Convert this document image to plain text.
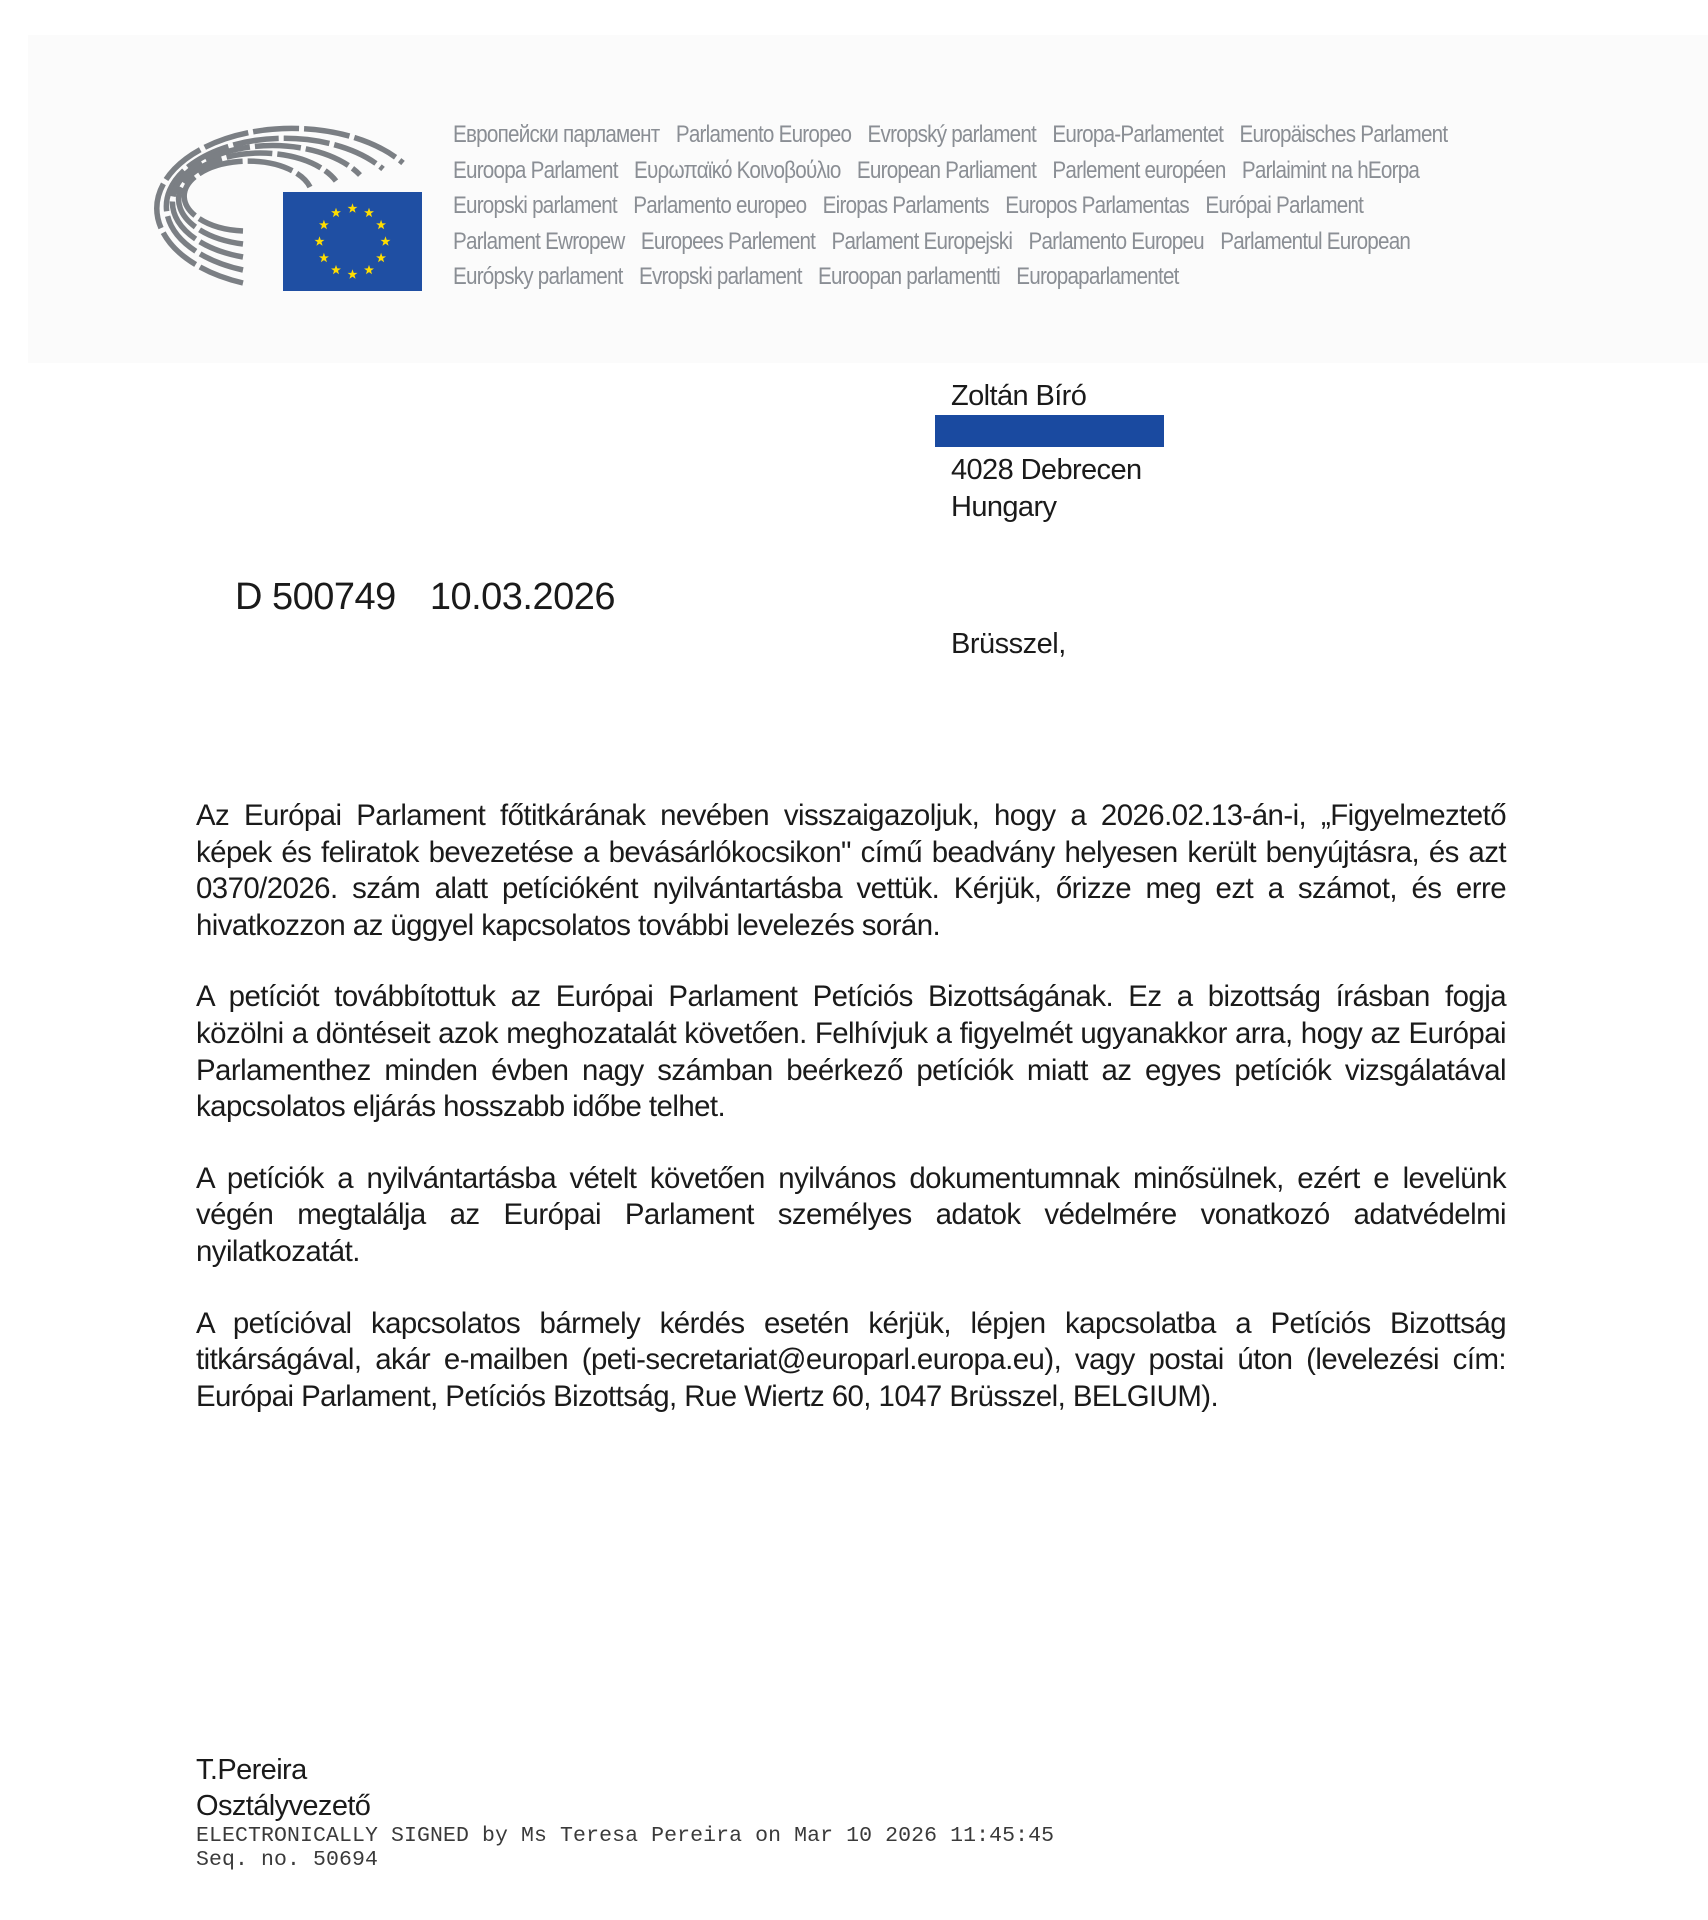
Европейски парламент Parlamento Europeo Evropský parlament Europa-Parlamentet Europäisches Parlament
Euroopa Parlament Ευρωπαϊκό Κοινοβούλιο European Parliament Parlement européen Parlaimint na hEorpa
Europski parlament Parlamento europeo Eiropas Parlaments Europos Parlamentas Európai Parlament
Parlament Ewropew Europees Parlement Parlament Europejski Parlamento Europeu Parlamentul European
Európsky parlament Evropski parlament Euroopan parlamentti Europaparlamentet
Zoltán Bíró
4028 Debrecen
Hungary
D 500749 10.03.2026
Brüsszel,

Az Európai Parlament főtitkárának nevében visszaigazoljuk, hogy a 2026.02.13-án-i, „Figyelmeztető képek és feliratok bevezetése a bevásárlókocsikon" című beadvány helyesen került benyújtásra, és azt 0370/2026. szám alatt petícióként nyilvántartásba vettük. Kérjük, őrizze meg ezt a számot, és erre hivatkozzon az üggyel kapcsolatos további levelezés során.

A petíciót továbbítottuk az Európai Parlament Petíciós Bizottságának. Ez a bizottság írásban fogja közölni a döntéseit azok meghozatalát követően. Felhívjuk a figyelmét ugyanakkor arra, hogy az Európai Parlamenthez minden évben nagy számban beérkező petíciók miatt az egyes petíciók vizsgálatával kapcsolatos eljárás hosszabb időbe telhet.

A petíciók a nyilvántartásba vételt követően nyilvános dokumentumnak minősülnek, ezért e levelünk végén megtalálja az Európai Parlament személyes adatok védelmére vonatkozó adatvédelmi nyilatkozatát.

A petícióval kapcsolatos bármely kérdés esetén kérjük, lépjen kapcsolatba a Petíciós Bizottság titkárságával, akár e-mailben (peti-secretariat@europarl.europa.eu), vagy postai úton (levelezési cím: Európai Parlament, Petíciós Bizottság, Rue Wiertz 60, 1047 Brüsszel, BELGIUM).

T.Pereira
Osztályvezető
ELECTRONICALLY SIGNED by Ms Teresa Pereira on Mar 10 2026 11:45:45
Seq. no. 50694
